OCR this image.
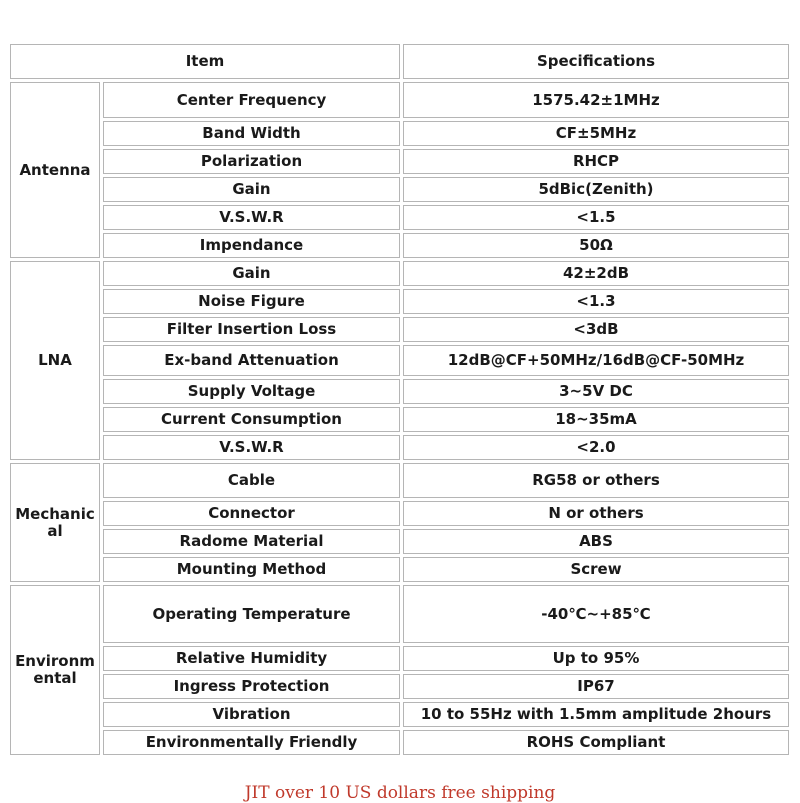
Item		Specifications
Antenna	Center Frequency	1575.42±1MHz
	Band Width	CF±5MHz
	Polarization	RHCP
	Gain	5dBic(Zenith)
	V.S.W.R	<1.5
	Impendance	50Ω
LNA	Gain	42±2dB
	Noise Figure	<1.3
	Filter Insertion Loss	<3dB
	Ex-band Attenuation	12dB@CF+50MHz/16dB@CF-50MHz
	Supply Voltage	3~5V DC
	Current Consumption	18~35mA
	V.S.W.R	<2.0
Mechanical	Cable	RG58 or others
	Connector	N or others
	Radome Material	ABS
	Mounting Method	Screw
Environmental	Operating Temperature	-40℃~+85℃
	Relative Humidity	Up to 95%
	Ingress Protection	IP67
	Vibration	10 to 55Hz with 1.5mm amplitude 2hours
	Environmentally Friendly	ROHS Compliant
JIT over 10 US dollars free shipping
